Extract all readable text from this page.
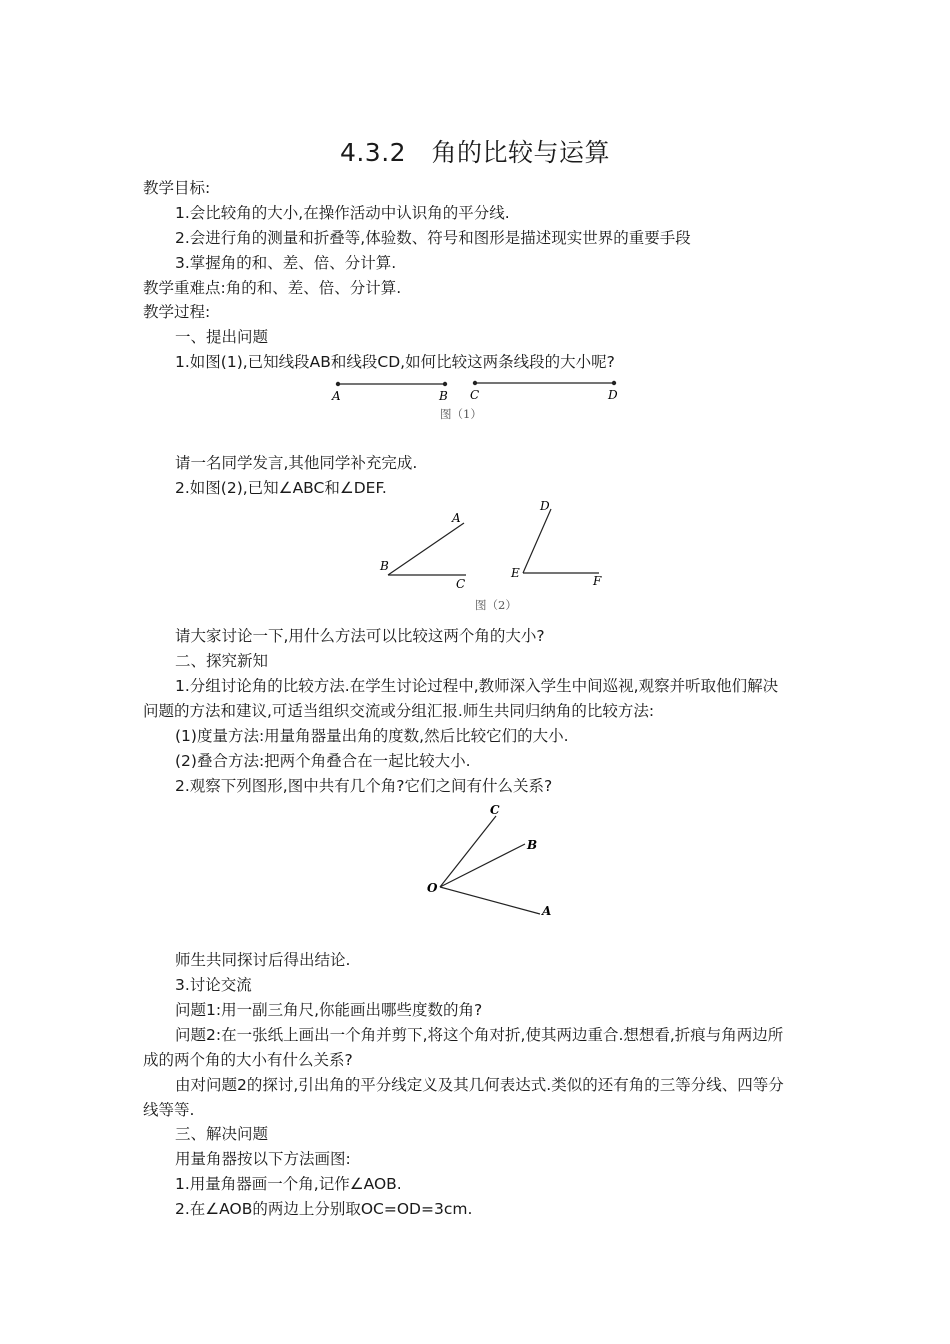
4.3.2　角的比较与运算
教学目标:
1.会比较角的大小,在操作活动中认识角的平分线.
2.会进行角的测量和折叠等,体验数、符号和图形是描述现实世界的重要手段
3.掌握角的和、差、倍、分计算.
教学重难点:角的和、差、倍、分计算.
教学过程:
一、提出问题
1.如图(1),已知线段AB和线段CD,如何比较这两条线段的大小呢?
A	B C	D
图（1）
请一名同学发言,其他同学补充完成.
2.如图(2),已知∠ABC和∠DEF.
A
B
C
D
E
F
图（2）
请大家讨论一下,用什么方法可以比较这两个角的大小?
二、探究新知
1.分组讨论角的比较方法.在学生讨论过程中,教师深入学生中间巡视,观察并听取他们解决
问题的方法和建议,可适当组织交流或分组汇报.师生共同归纳角的比较方法:
(1)度量方法:用量角器量出角的度数,然后比较它们的大小.
(2)叠合方法:把两个角叠合在一起比较大小.
2.观察下列图形,图中共有几个角?它们之间有什么关系?
C
B
O
A
师生共同探讨后得出结论.
3.讨论交流
问题1:用一副三角尺,你能画出哪些度数的角?
问题2:在一张纸上画出一个角并剪下,将这个角对折,使其两边重合.想想看,折痕与角两边所
成的两个角的大小有什么关系?
由对问题2的探讨,引出角的平分线定义及其几何表达式.类似的还有角的三等分线、四等分
线等等.
三、解决问题
用量角器按以下方法画图:
1.用量角器画一个角,记作∠AOB.
2.在∠AOB的两边上分别取OC=OD=3cm.
